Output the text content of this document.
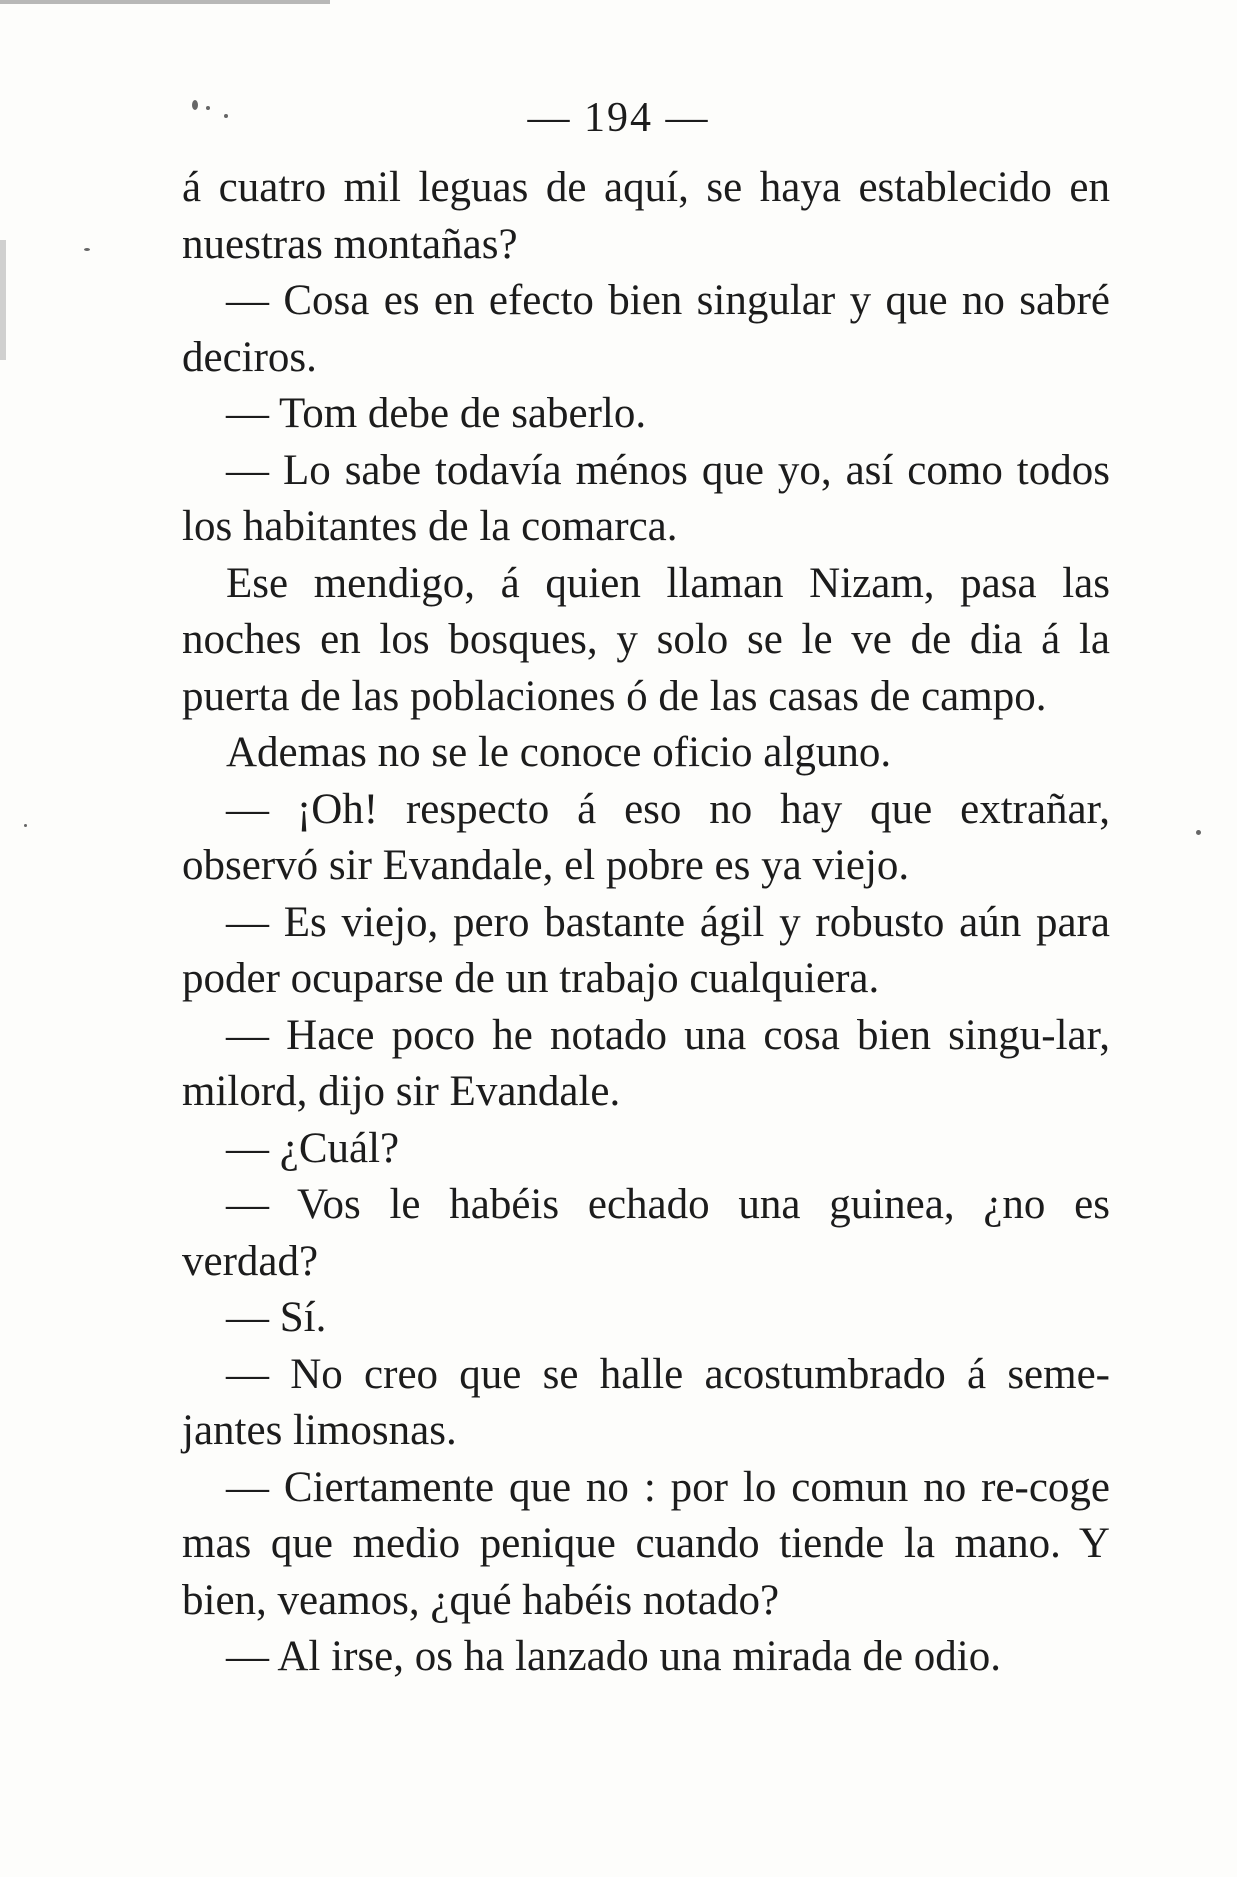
— 194 —

á cuatro mil leguas de aquí, se haya establecido en nuestras montañas?

— Cosa es en efecto bien singular y que no sabré deciros.

— Tom debe de saberlo.

— Lo sabe todavía ménos que yo, así como todos los habitantes de la comarca.

Ese mendigo, á quien llaman Nizam, pasa las noches en los bosques, y solo se le ve de dia á la puerta de las poblaciones ó de las casas de campo.

Ademas no se le conoce oficio alguno.

— ¡Oh! respecto á eso no hay que extrañar, observó sir Evandale, el pobre es ya viejo.

— Es viejo, pero bastante ágil y robusto aún para poder ocuparse de un trabajo cualquiera.

— Hace poco he notado una cosa bien singu-lar, milord, dijo sir Evandale.

— ¿Cuál?

— Vos le habéis echado una guinea, ¿no es verdad?

— Sí.

— No creo que se halle acostumbrado á seme-jantes limosnas.

— Ciertamente que no : por lo comun no re-coge mas que medio penique cuando tiende la mano. Y bien, veamos, ¿qué habéis notado?

— Al irse, os ha lanzado una mirada de odio.
